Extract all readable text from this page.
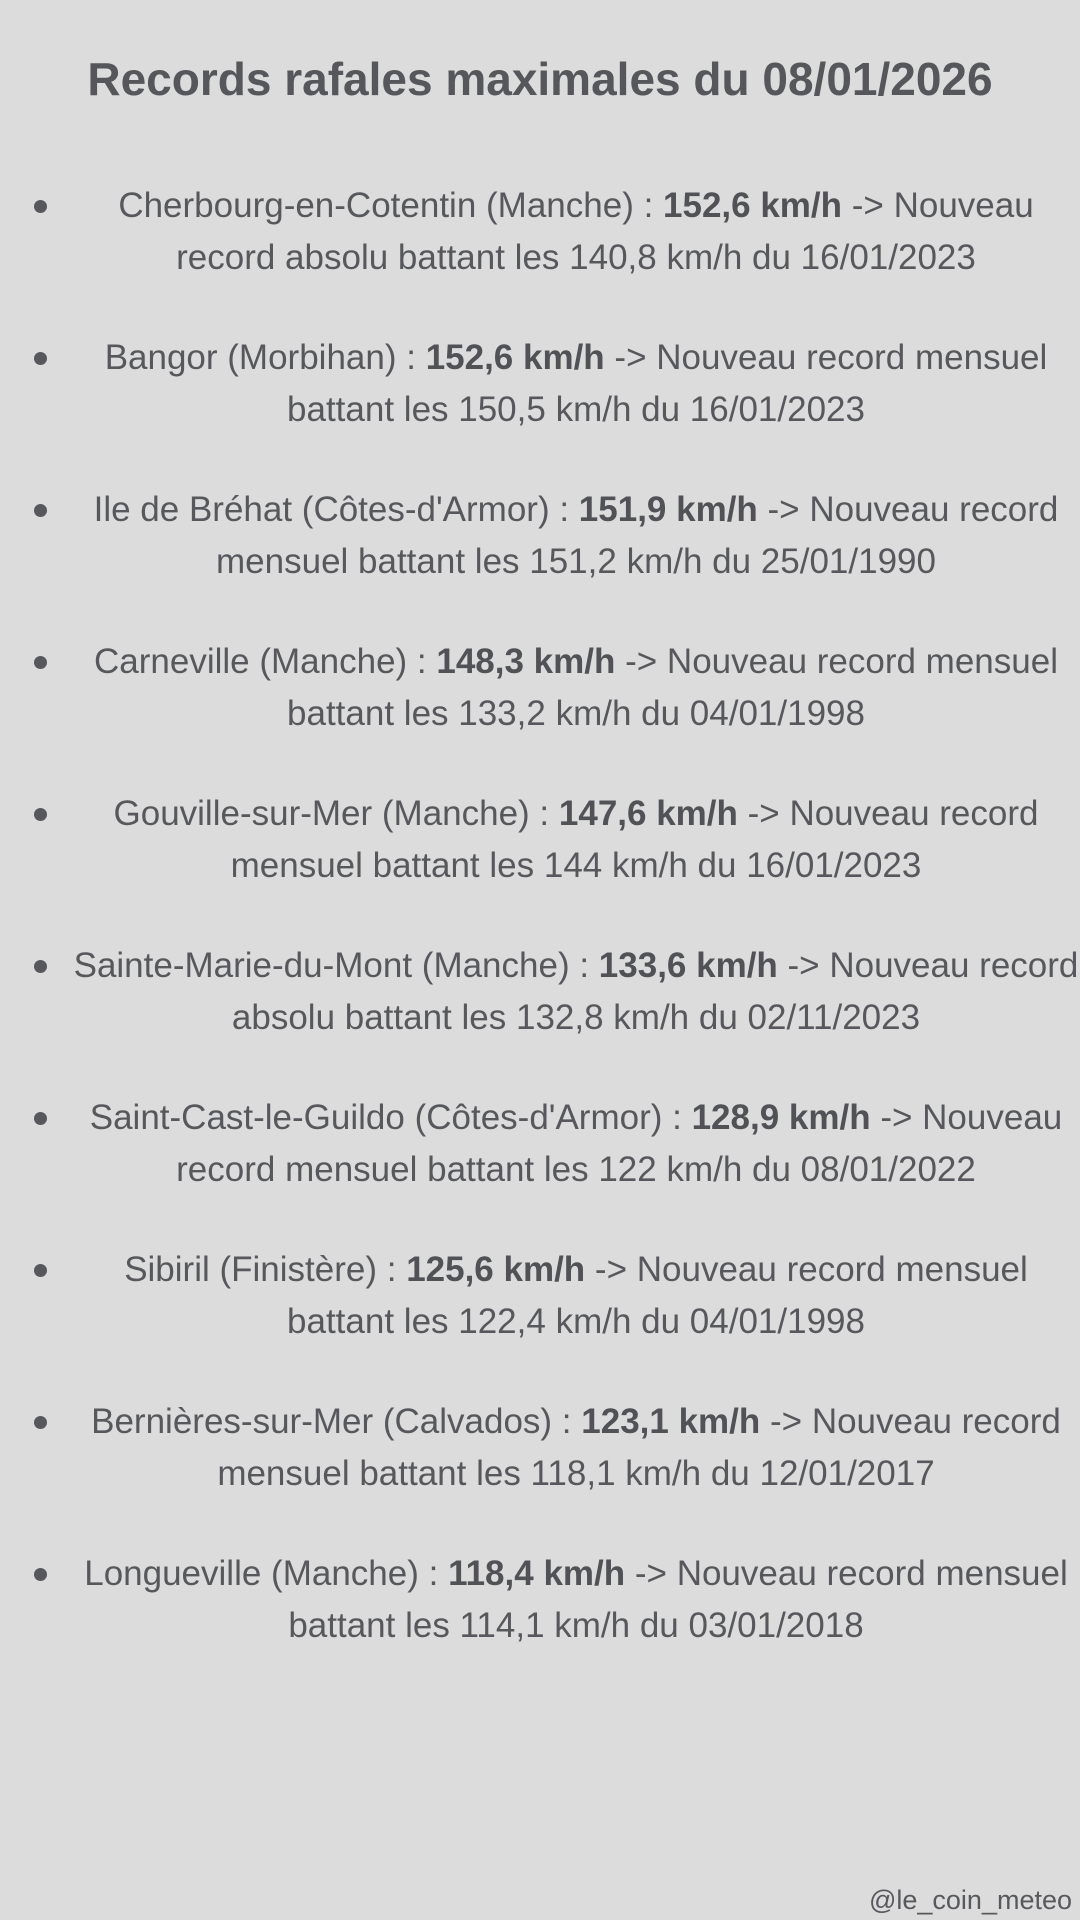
Records rafales maximales du 08/01/2026
Cherbourg-en-Cotentin (Manche) : 152,6 km/h -> Nouveau record absolu battant les 140,8 km/h du 16/01/2023
Bangor (Morbihan) : 152,6 km/h -> Nouveau record mensuel battant les 150,5 km/h du 16/01/2023
Ile de Bréhat (Côtes-d'Armor) : 151,9 km/h -> Nouveau record mensuel battant les 151,2 km/h du 25/01/1990
Carneville (Manche) : 148,3 km/h -> Nouveau record mensuel battant les 133,2 km/h du 04/01/1998
Gouville-sur-Mer (Manche) : 147,6 km/h -> Nouveau record mensuel battant les 144 km/h du 16/01/2023
Sainte-Marie-du-Mont (Manche) : 133,6 km/h -> Nouveau record absolu battant les 132,8 km/h du 02/11/2023
Saint-Cast-le-Guildo (Côtes-d'Armor) : 128,9 km/h -> Nouveau record mensuel battant les 122 km/h du 08/01/2022
Sibiril (Finistère) : 125,6 km/h -> Nouveau record mensuel battant les 122,4 km/h du 04/01/1998
Bernières-sur-Mer (Calvados) : 123,1 km/h -> Nouveau record mensuel battant les 118,1 km/h du 12/01/2017
Longueville (Manche) : 118,4 km/h -> Nouveau record mensuel battant les 114,1 km/h du 03/01/2018
@le_coin_meteo
